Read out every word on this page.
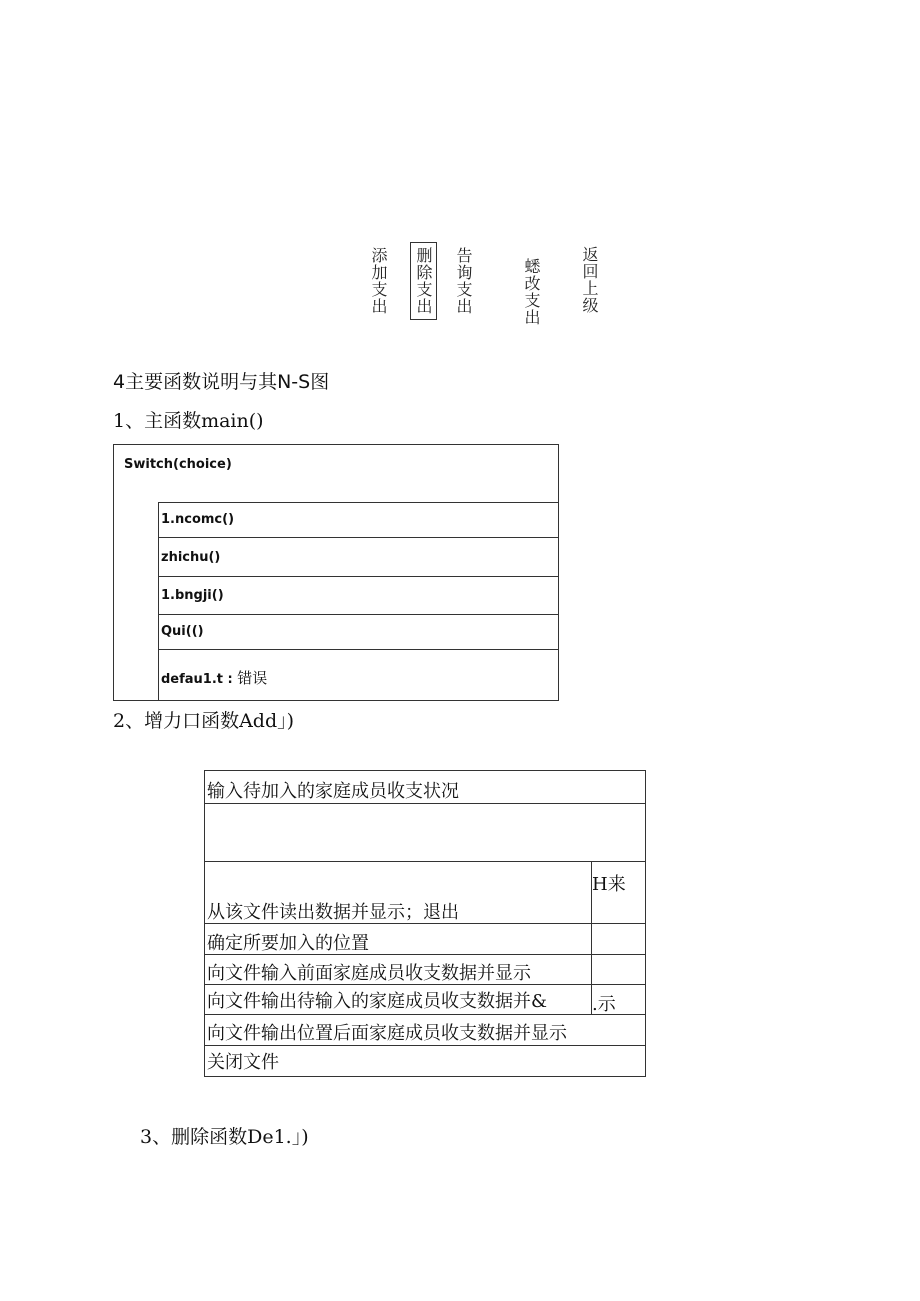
添加支出 删除支出 告询支出	蟋改支出 返回上级
4主要函数说明与其N-S图
1、主函数main()
Switch(choice)
1.ncomc()
zhichu()
1.bngji()
Qui(()
defau1.t : 错误
2、增力口函数Add」)
输入待加入的家庭成员收支状况
从该文件读出数据并显示；退出
H来
确定所要加入的位置
向文件输入前面家庭成员收支数据并显示
向文件输出待输入的家庭成员收支数据并& .示
向文件输出位置后面家庭成员收支数据并显示
关闭文件
3、删除函数De1.」)
